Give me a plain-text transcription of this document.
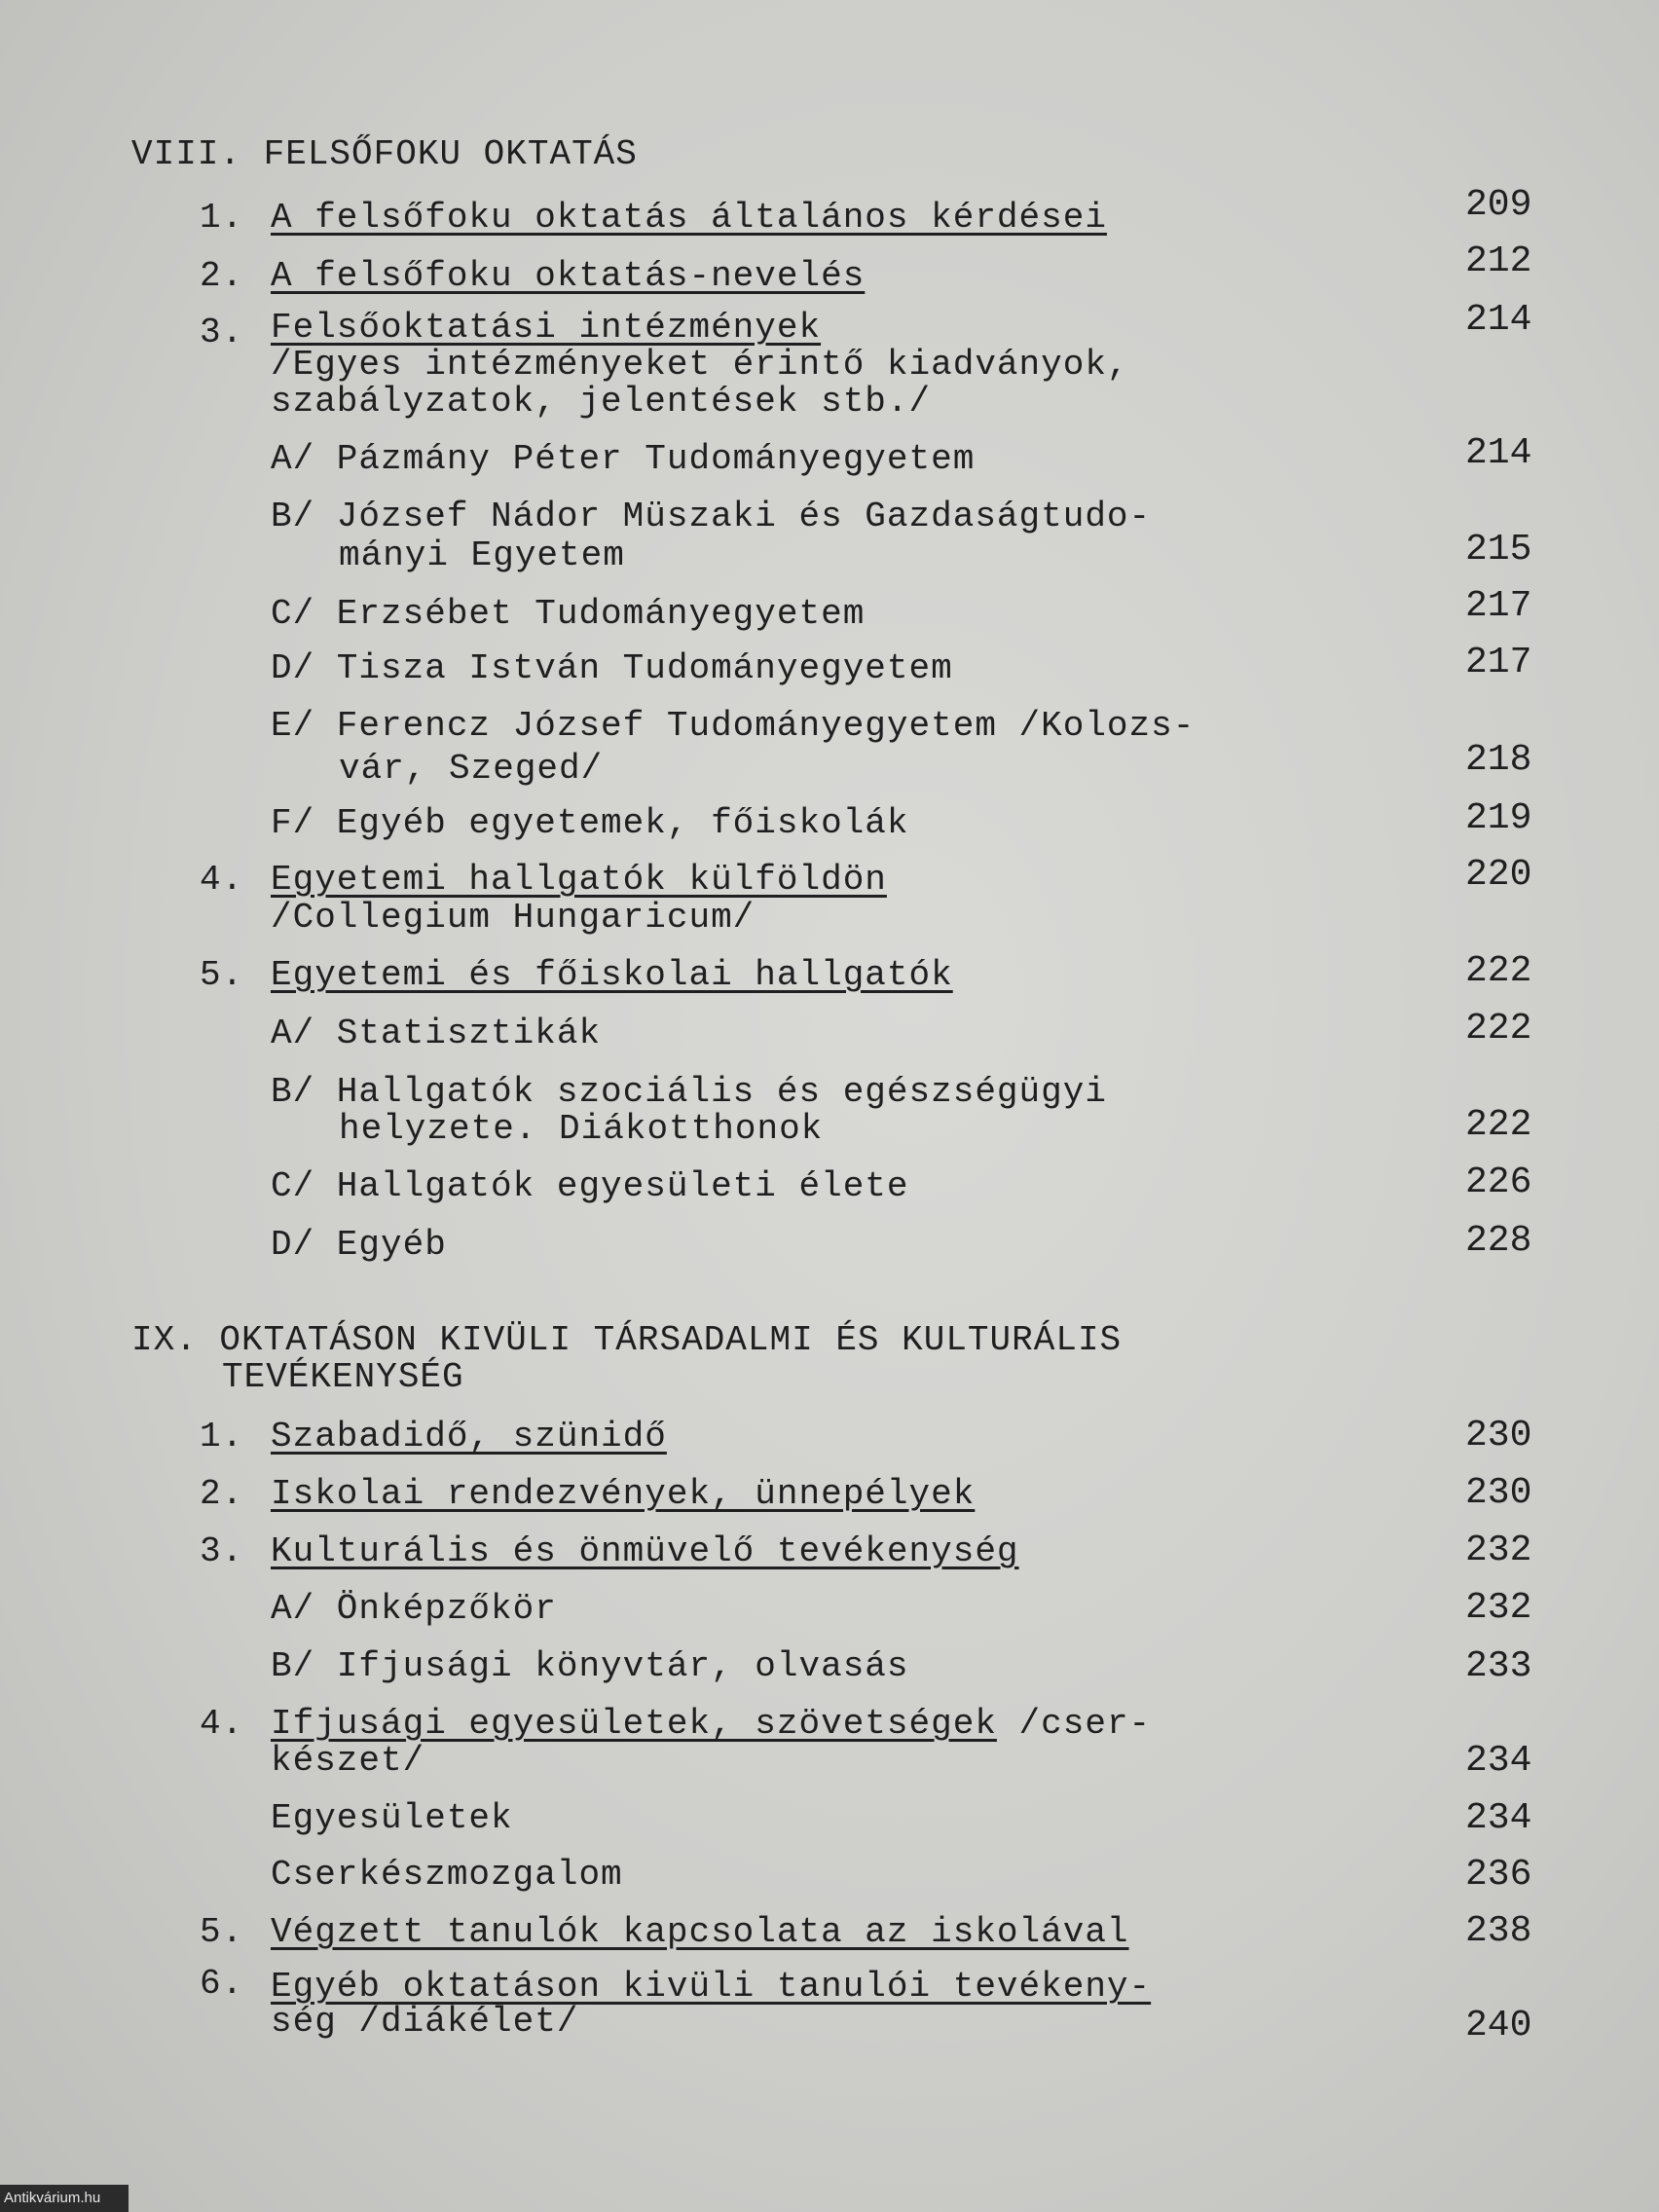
VIII. FELSŐFOKU OKTATÁS
1. A felsőfoku oktatás általános kérdései	209
2. A felsőfoku oktatás-nevelés	212
3. Felsőoktatási intézmények	214
/Egyes intézményeket érintő kiadványok,
szabályzatok, jelentések stb./
A/ Pázmány Péter Tudományegyetem	214
B/ József Nádor Müszaki és Gazdaságtudo-
mányi Egyetem	215
C/ Erzsébet Tudományegyetem	217
D/ Tisza István Tudományegyetem	217
E/ Ferencz József Tudományegyetem /Kolozs-
vár, Szeged/	218
F/ Egyéb egyetemek, főiskolák	219
4. Egyetemi hallgatók külföldön	220
/Collegium Hungaricum/
5. Egyetemi és főiskolai hallgatók	222
A/ Statisztikák	222
B/ Hallgatók szociális és egészségügyi
helyzete. Diákotthonok	222
C/ Hallgatók egyesületi élete	226
D/ Egyéb	228
IX. OKTATÁSON KIVÜLI TÁRSADALMI ÉS KULTURÁLIS
TEVÉKENYSÉG
1. Szabadidő, szünidő	230
2. Iskolai rendezvények, ünnepélyek	230
3. Kulturális és önmüvelő tevékenység	232
A/ Önképzőkör	232
B/ Ifjusági könyvtár, olvasás	233
4. Ifjusági egyesületek, szövetségek /cser-
készet/	234
Egyesületek	234
Cserkészmozgalom	236
5. Végzett tanulók kapcsolata az iskolával	238
6. Egyéb oktatáson kivüli tanulói tevékeny-
ség /diákélet/	240
Antikvárium.hu
